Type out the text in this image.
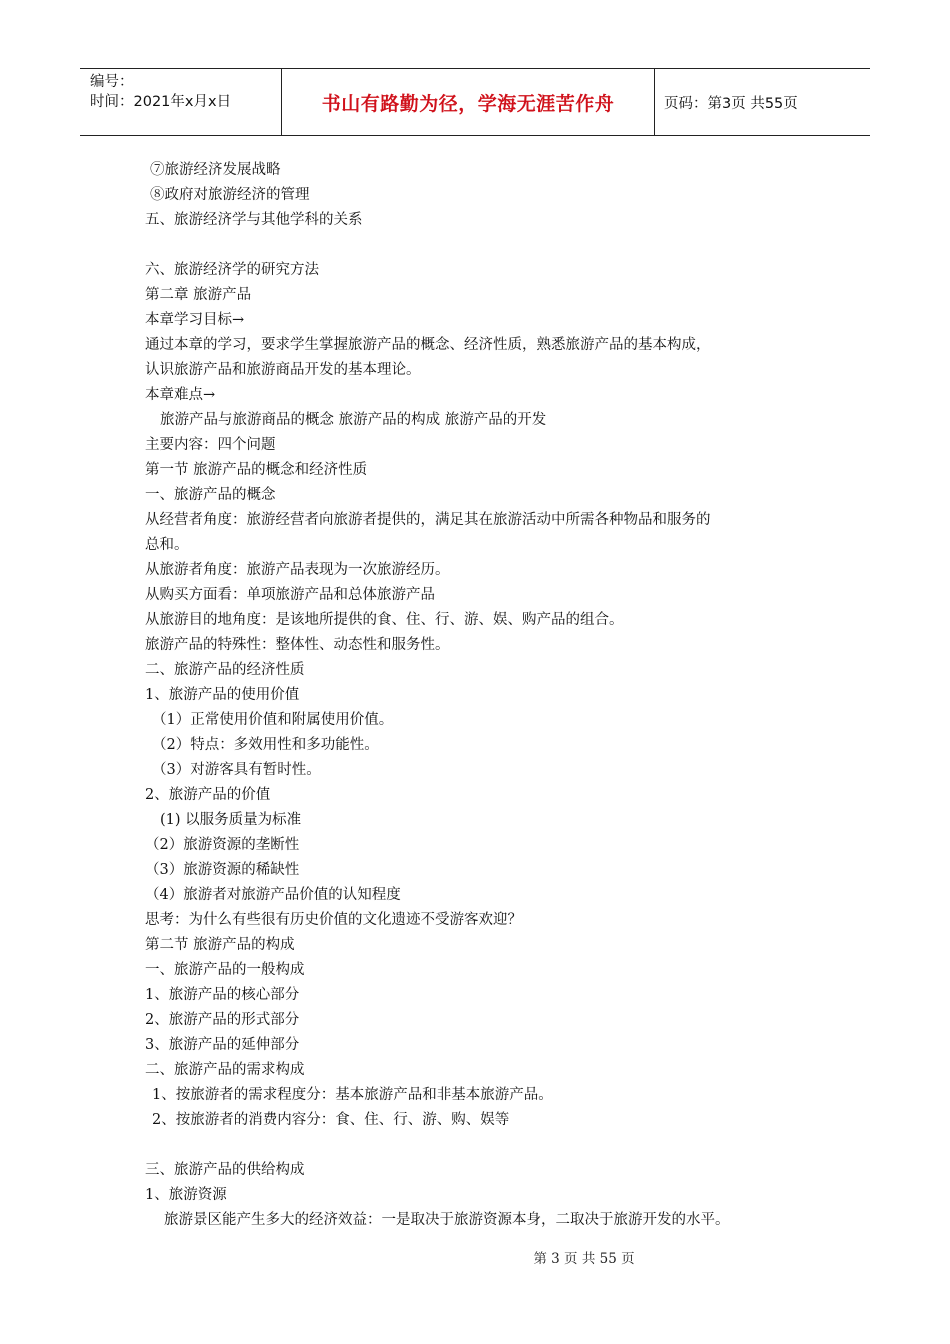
编号：
时间：2021年x月x日	书山有路勤为径，学海无涯苦作舟	页码：第3页 共55页
⑦旅游经济发展战略
⑧政府对旅游经济的管理
五、旅游经济学与其他学科的关系
六、旅游经济学的研究方法
第二章 旅游产品
本章学习目标→
通过本章的学习，要求学生掌握旅游产品的概念、经济性质，熟悉旅游产品的基本构成，
认识旅游产品和旅游商品开发的基本理论。
本章难点→
旅游产品与旅游商品的概念 旅游产品的构成 旅游产品的开发
主要内容：四个问题
第一节 旅游产品的概念和经济性质
一、旅游产品的概念
从经营者角度：旅游经营者向旅游者提供的，满足其在旅游活动中所需各种物品和服务的
总和。
从旅游者角度：旅游产品表现为一次旅游经历。
从购买方面看：单项旅游产品和总体旅游产品
从旅游目的地角度：是该地所提供的食、住、行、游、娱、购产品的组合。
旅游产品的特殊性：整体性、动态性和服务性。
二、旅游产品的经济性质
1、旅游产品的使用价值
（1）正常使用价值和附属使用价值。
（2）特点：多效用性和多功能性。
（3）对游客具有暂时性。
2、旅游产品的价值
(1) 以服务质量为标准
（2）旅游资源的垄断性
（3）旅游资源的稀缺性
（4）旅游者对旅游产品价值的认知程度
思考：为什么有些很有历史价值的文化遗迹不受游客欢迎？
第二节 旅游产品的构成
一、旅游产品的一般构成
1、旅游产品的核心部分
2、旅游产品的形式部分
3、旅游产品的延伸部分
二、旅游产品的需求构成
1、按旅游者的需求程度分：基本旅游产品和非基本旅游产品。
2、按旅游者的消费内容分：食、住、行、游、购、娱等
三、旅游产品的供给构成
1、旅游资源
旅游景区能产生多大的经济效益：一是取决于旅游资源本身，二取决于旅游开发的水平。
第 3 页 共 55 页
